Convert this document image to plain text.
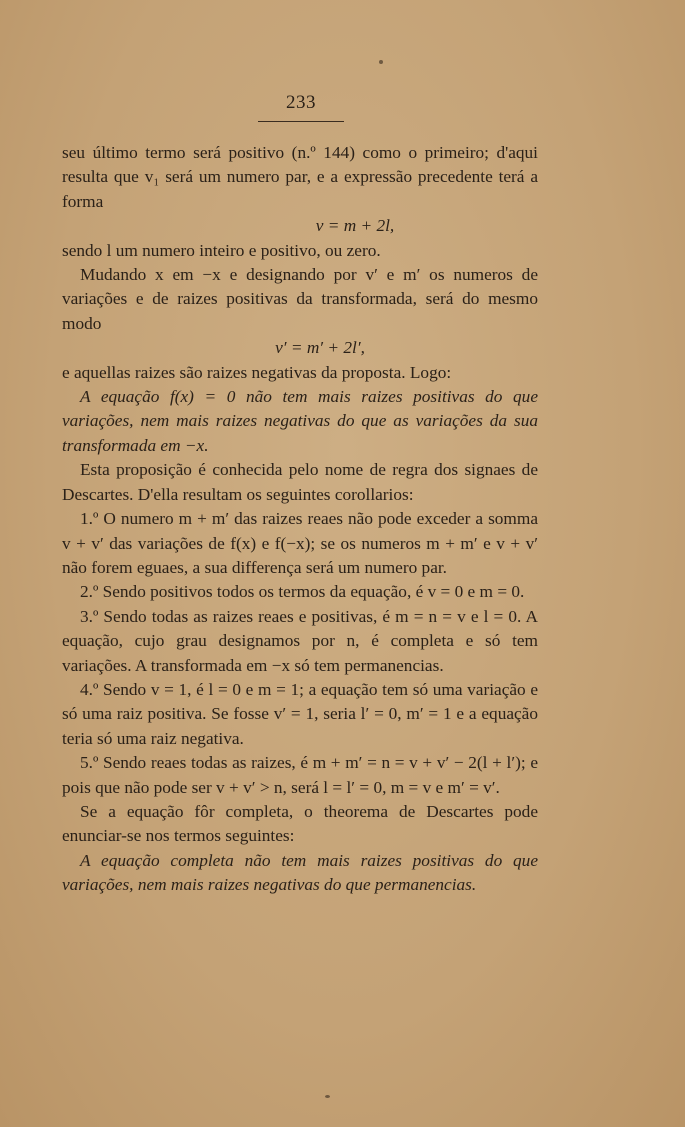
233

seu último termo será positivo (n.º 144) como o primeiro; d'aqui resulta que v₁ será um numero par, e a expressão precedente terá a forma

v = m + 2l,

sendo l um numero inteiro e positivo, ou zero.

Mudando x em −x e designando por v′ e m′ os numeros de variações e de raizes positivas da transformada, será do mesmo modo

v′ = m′ + 2l′,

e aquellas raizes são raizes negativas da proposta. Logo:

A equação f(x) = 0 não tem mais raizes positivas do que variações, nem mais raizes negativas do que as variações da sua transformada em −x.

Esta proposição é conhecida pelo nome de regra dos signaes de Descartes. D'ella resultam os seguintes corollarios:

1.º O numero m + m′ das raizes reaes não pode exceder a somma v + v′ das variações de f(x) e f(−x); se os numeros m + m′ e v + v′ não forem eguaes, a sua differença será um numero par.

2.º Sendo positivos todos os termos da equação, é v = 0 e m = 0.

3.º Sendo todas as raizes reaes e positivas, é m = n = v e l = 0. A equação, cujo grau designamos por n, é completa e só tem variações. A transformada em −x só tem permanencias.

4.º Sendo v = 1, é l = 0 e m = 1; a equação tem só uma variação e só uma raiz positiva. Se fosse v′ = 1, seria l′ = 0, m′ = 1 e a equação teria só uma raiz negativa.

5.º Sendo reaes todas as raizes, é m + m′ = n = v + v′ − 2(l + l′); e pois que não pode ser v + v′ > n, será l = l′ = 0, m = v e m′ = v′.

Se a equação fôr completa, o theorema de Descartes pode enunciar-se nos termos seguintes:

A equação completa não tem mais raizes positivas do que variações, nem mais raizes negativas do que permanencias.
